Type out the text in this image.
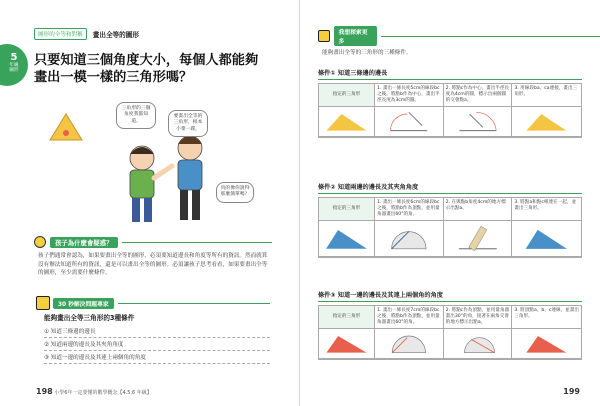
5
年級
圖形
圖形的全等和對稱	畫出全等的圖形
只要知道三個角度大小，每個人都能夠畫出一模一樣的三角形嗎？
三角形的三個角度我都知道。
要畫出全等的三角形，根本小菜一碟。
真的像你說得那麼簡單嗎？
孩子為什麼會疑惑？
孩子們通常會認為，如果要畫出全等的圖形，必須要知道邊長和角度等所有的資訊。然而就算沒有辦法知道所有的資訊，還是可以畫出全等的圖形。必須讓孩子思考看看，如果要畫出全等的圖形，至少需要什麼條件。
30 秒解決問題專家
能夠畫出全等三角形的3種條件
① 知道三條邊的邊長
② 知道兩邊的邊長及其夾角角度
③ 知道一邊的邊長及其連上兩個角的角度
198 小學6年一定要懂的數學概念【4.5.6 年級】
我想探索更多
能夠畫出全等的三角形的三種條件。
條件① 知道三條邊的邊長
指定的三角形
1. 畫出一條長度5cm的線段bc之後，將點b作為中心，畫出半徑長度為3cm的圓。
2. 將點c作為中心，畫出半徑長度為4cm的圓，標示出兩個圓的交會點a。
3. 用線段ba、ca連接，畫出三角形。
條件② 知道兩邊的邊長及其夾角角度
指定的三角形
1. 畫出一條長度6cm的線段bc之後，將點b作為頂點，並用量角器畫出60°的角。
2. 在與點b角度4cm的地方標示出點a。
3. 將點a和點c相連在一起，並畫出三角形。
條件③ 知道一邊的邊長及其連上兩個角的角度
指定的三角形
1. 畫出一條長度7cm的線段bc之後，將點b作為頂點，並用量角器畫出60°的角。
2. 將點c作為頂點，並用量角器畫出30°的角，接著在兩角交會的地方標示出點a。
3. 將頂點a、b、c連線，並畫出三角形。
199
